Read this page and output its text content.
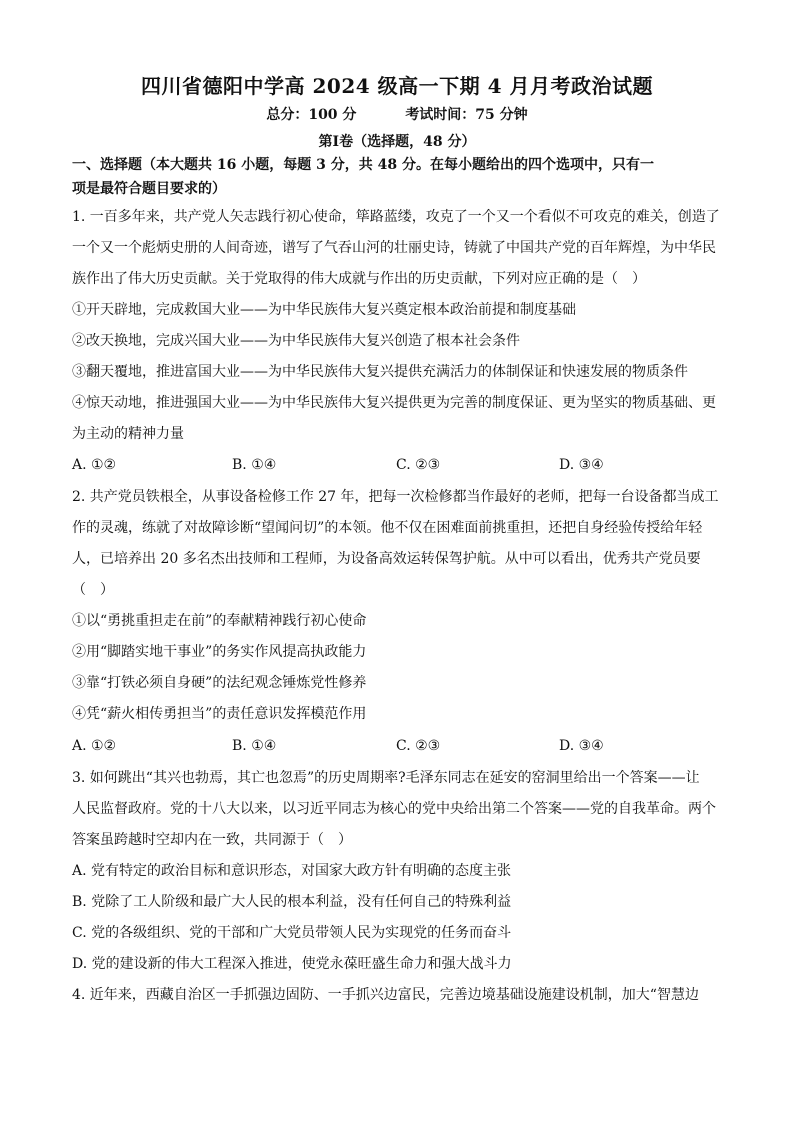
四川省德阳中学高 2024 级高一下期 4 月月考政治试题
总分：100 分	考试时间：75 分钟
第Ⅰ卷（选择题，48 分）
一、选择题（本大题共 16 小题，每题 3 分，共 48 分。在每小题给出的四个选项中，只有一
项是最符合题目要求的）
1. 一百多年来，共产党人矢志践行初心使命，筚路蓝缕，攻克了一个又一个看似不可攻克的难关，创造了
一个又一个彪炳史册的人间奇迹，谱写了气吞山河的壮丽史诗，铸就了中国共产党的百年辉煌，为中华民
族作出了伟大历史贡献。关于党取得的伟大成就与作出的历史贡献，下列对应正确的是（　）
①开天辟地，完成救国大业——为中华民族伟大复兴奠定根本政治前提和制度基础
②改天换地，完成兴国大业——为中华民族伟大复兴创造了根本社会条件
③翻天覆地，推进富国大业——为中华民族伟大复兴提供充满活力的体制保证和快速发展的物质条件
④惊天动地，推进强国大业——为中华民族伟大复兴提供更为完善的制度保证、更为坚实的物质基础、更
为主动的精神力量
A. ①②	B. ①④	C. ②③	D. ③④
2. 共产党员铁根全，从事设备检修工作 27 年，把每一次检修都当作最好的老师，把每一台设备都当成工
作的灵魂，练就了对故障诊断“望闻问切”的本领。他不仅在困难面前挑重担，还把自身经验传授给年轻
人，已培养出 20 多名杰出技师和工程师，为设备高效运转保驾护航。从中可以看出，优秀共产党员要
（　）
①以“勇挑重担走在前”的奉献精神践行初心使命
②用“脚踏实地干事业”的务实作风提高执政能力
③靠“打铁必须自身硬”的法纪观念锤炼党性修养
④凭“薪火相传勇担当”的责任意识发挥模范作用
A. ①②	B. ①④	C. ②③	D. ③④
3. 如何跳出“其兴也勃焉，其亡也忽焉”的历史周期率?毛泽东同志在延安的窑洞里给出一个答案——让
人民监督政府。党的十八大以来，以习近平同志为核心的党中央给出第二个答案——党的自我革命。两个
答案虽跨越时空却内在一致，共同源于（　）
A. 党有特定的政治目标和意识形态，对国家大政方针有明确的态度主张
B. 党除了工人阶级和最广大人民的根本利益，没有任何自己的特殊利益
C. 党的各级组织、党的干部和广大党员带领人民为实现党的任务而奋斗
D. 党的建设新的伟大工程深入推进，使党永葆旺盛生命力和强大战斗力
4. 近年来，西藏自治区一手抓强边固防、一手抓兴边富民，完善边境基础设施建设机制，加大“智慧边
